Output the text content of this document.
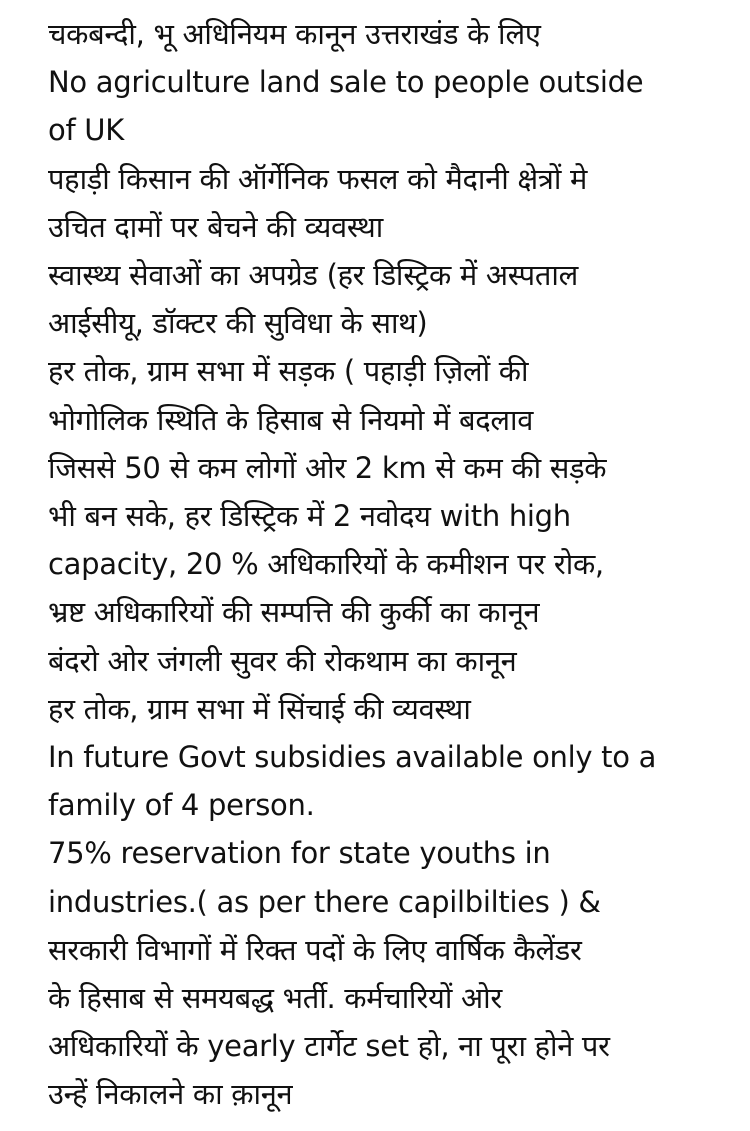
चकबन्दी, भू अधिनियम कानून उत्तराखंड के लिए
No agriculture land sale to people outside
of UK
पहाड़ी किसान की ऑर्गेनिक फसल को मैदानी क्षेत्रों मे
उचित दामों पर बेचने की व्यवस्था
स्वास्थ्य सेवाओं का अपग्रेड (हर डिस्ट्रिक में अस्पताल
आईसीयू, डॉक्टर की सुविधा के साथ)
हर तोक, ग्राम सभा में सड़क ( पहाड़ी ज़िलों की
भोगोलिक स्थिति के हिसाब से नियमो में बदलाव
जिससे 50 से कम लोगों ओर 2 km से कम की सड़के
भी बन सके, हर डिस्ट्रिक में 2 नवोदय with high
capacity, 20 % अधिकारियों के कमीशन पर रोक,
भ्रष्ट अधिकारियों की सम्पत्ति की कुर्की का कानून
बंदरो ओर जंगली सुवर की रोकथाम का कानून
हर तोक, ग्राम सभा में सिंचाई की व्यवस्था
In future Govt subsidies available only to a
family of 4 person.
75% reservation for state youths in
industries.( as per there capilbilties ) &
सरकारी विभागों में रिक्त पदों के लिए वार्षिक कैलेंडर
के हिसाब से समयबद्ध भर्ती. कर्मचारियों ओर
अधिकारियों के yearly टार्गेट set हो, ना पूरा होने पर
उन्हें निकालने का क़ानून
